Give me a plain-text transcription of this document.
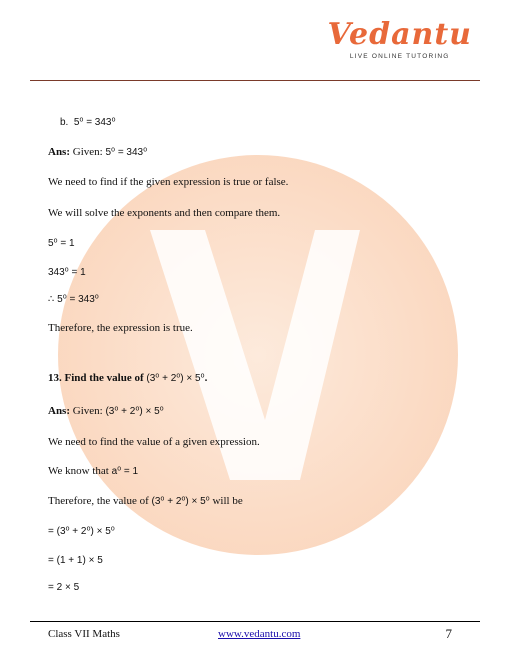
Vedantu
LIVE ONLINE TUTORING
b. 5⁰ = 343⁰
Ans: Given: 5⁰ = 343⁰
We need to find if the given expression is true or false.
We will solve the exponents and then compare them.
5⁰ = 1
343⁰ = 1
∴ 5⁰ = 343⁰
Therefore, the expression is true.
13. Find the value of (3⁰ + 2⁰) × 5⁰.
Ans: Given: (3⁰ + 2⁰) × 5⁰
We need to find the value of a given expression.
We know that a⁰ = 1
Therefore, the value of (3⁰ + 2⁰) × 5⁰ will be
= (3⁰ + 2⁰) × 5⁰
= (1 + 1) × 5
= 2 × 5
Class VII Maths	www.vedantu.com	7
